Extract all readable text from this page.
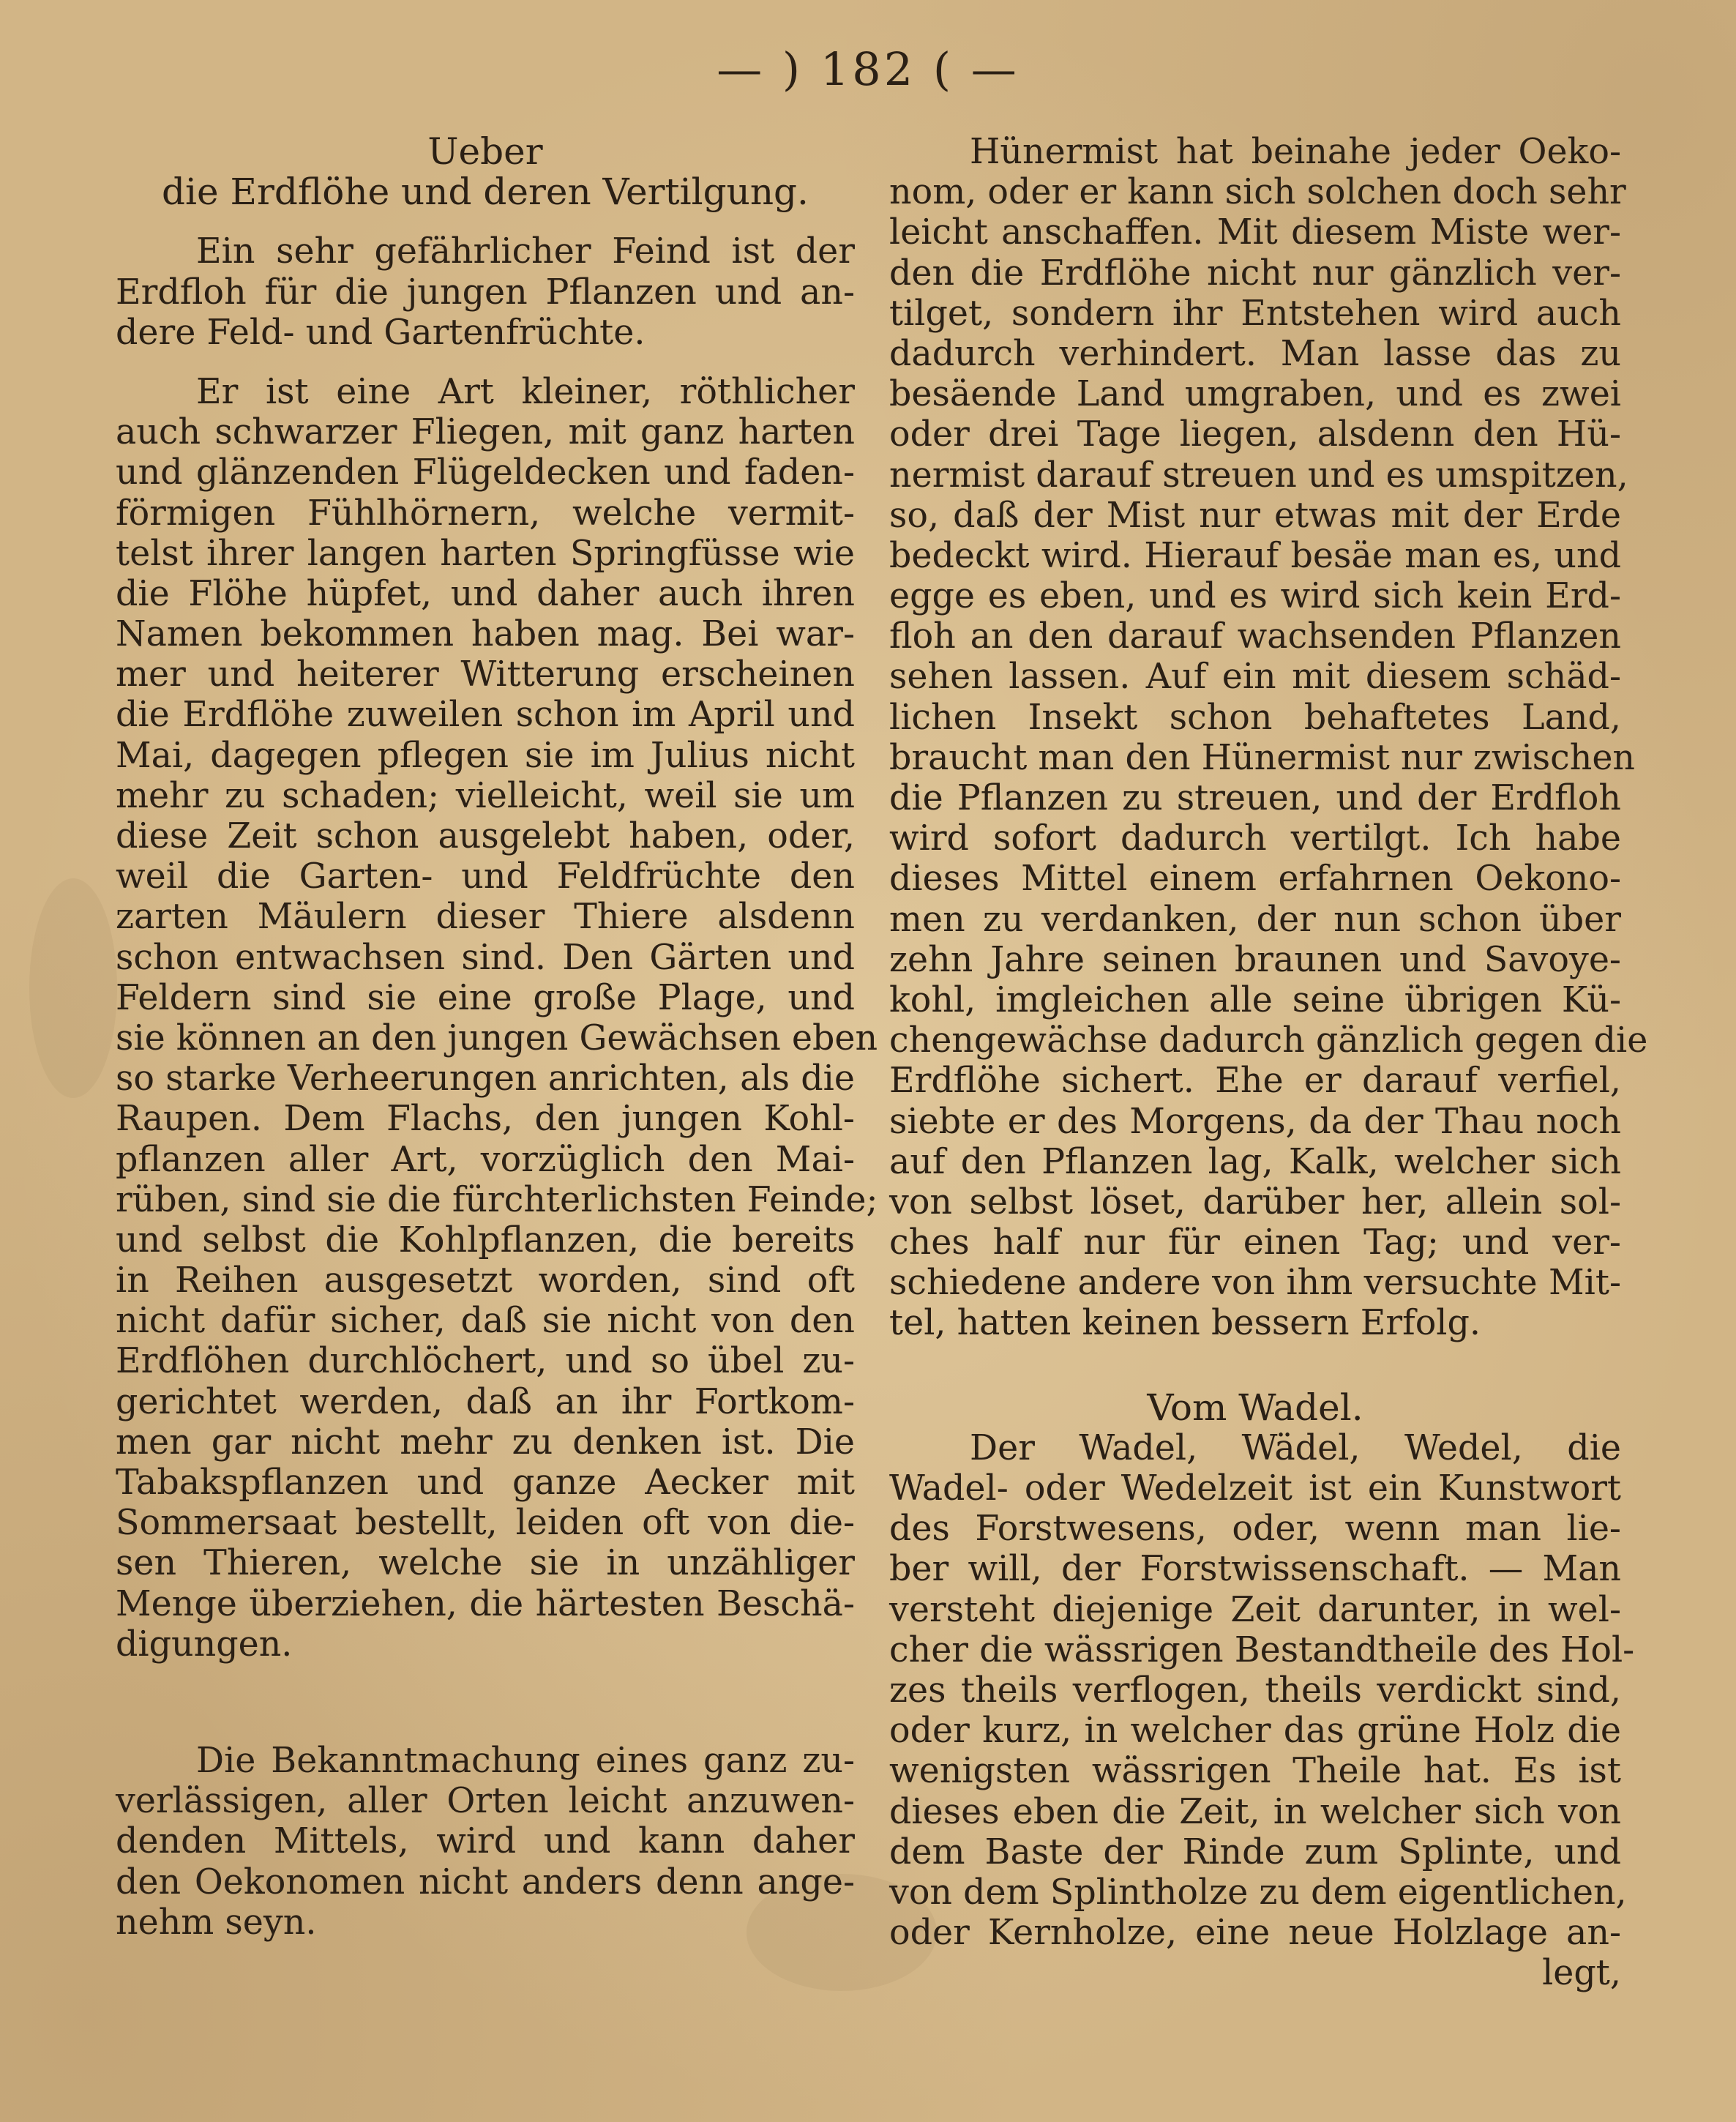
— ) 182 ( —
Ueber
die Erdflöhe und deren Vertilgung.
Ein sehr gefährlicher Feind ist der
Erdfloh für die jungen Pflanzen und an-
dere Feld- und Gartenfrüchte.
Er ist eine Art kleiner, röthlicher
auch schwarzer Fliegen, mit ganz harten
und glänzenden Flügeldecken und faden-
förmigen Fühlhörnern, welche vermit-
telst ihrer langen harten Springfüsse wie
die Flöhe hüpfet, und daher auch ihren
Namen bekommen haben mag. Bei war-
mer und heiterer Witterung erscheinen
die Erdflöhe zuweilen schon im April und
Mai, dagegen pflegen sie im Julius nicht
mehr zu schaden; vielleicht, weil sie um
diese Zeit schon ausgelebt haben, oder,
weil die Garten- und Feldfrüchte den
zarten Mäulern dieser Thiere alsdenn
schon entwachsen sind. Den Gärten und
Feldern sind sie eine große Plage, und
sie können an den jungen Gewächsen eben
so starke Verheerungen anrichten, als die
Raupen. Dem Flachs, den jungen Kohl-
pflanzen aller Art, vorzüglich den Mai-
rüben, sind sie die fürchterlichsten Feinde;
und selbst die Kohlpflanzen, die bereits
in Reihen ausgesetzt worden, sind oft
nicht dafür sicher, daß sie nicht von den
Erdflöhen durchlöchert, und so übel zu-
gerichtet werden, daß an ihr Fortkom-
men gar nicht mehr zu denken ist. Die
Tabakspflanzen und ganze Aecker mit
Sommersaat bestellt, leiden oft von die-
sen Thieren, welche sie in unzähliger
Menge überziehen, die härtesten Beschä-
digungen.
Die Bekanntmachung eines ganz zu-
verlässigen, aller Orten leicht anzuwen-
denden Mittels, wird und kann daher
den Oekonomen nicht anders denn ange-
nehm seyn.
Hünermist hat beinahe jeder Oeko-
nom, oder er kann sich solchen doch sehr
leicht anschaffen. Mit diesem Miste wer-
den die Erdflöhe nicht nur gänzlich ver-
tilget, sondern ihr Entstehen wird auch
dadurch verhindert. Man lasse das zu
besäende Land umgraben, und es zwei
oder drei Tage liegen, alsdenn den Hü-
nermist darauf streuen und es umspitzen,
so, daß der Mist nur etwas mit der Erde
bedeckt wird. Hierauf besäe man es, und
egge es eben, und es wird sich kein Erd-
floh an den darauf wachsenden Pflanzen
sehen lassen. Auf ein mit diesem schäd-
lichen Insekt schon behaftetes Land,
braucht man den Hünermist nur zwischen
die Pflanzen zu streuen, und der Erdfloh
wird sofort dadurch vertilgt. Ich habe
dieses Mittel einem erfahrnen Oekono-
men zu verdanken, der nun schon über
zehn Jahre seinen braunen und Savoye-
kohl, imgleichen alle seine übrigen Kü-
chengewächse dadurch gänzlich gegen die
Erdflöhe sichert. Ehe er darauf verfiel,
siebte er des Morgens, da der Thau noch
auf den Pflanzen lag, Kalk, welcher sich
von selbst löset, darüber her, allein sol-
ches half nur für einen Tag; und ver-
schiedene andere von ihm versuchte Mit-
tel, hatten keinen bessern Erfolg.
Vom Wadel.
Der Wadel, Wädel, Wedel, die
Wadel- oder Wedelzeit ist ein Kunstwort
des Forstwesens, oder, wenn man lie-
ber will, der Forstwissenschaft. — Man
versteht diejenige Zeit darunter, in wel-
cher die wässrigen Bestandtheile des Hol-
zes theils verflogen, theils verdickt sind,
oder kurz, in welcher das grüne Holz die
wenigsten wässrigen Theile hat. Es ist
dieses eben die Zeit, in welcher sich von
dem Baste der Rinde zum Splinte, und
von dem Splintholze zu dem eigentlichen,
oder Kernholze, eine neue Holzlage an-
legt,
